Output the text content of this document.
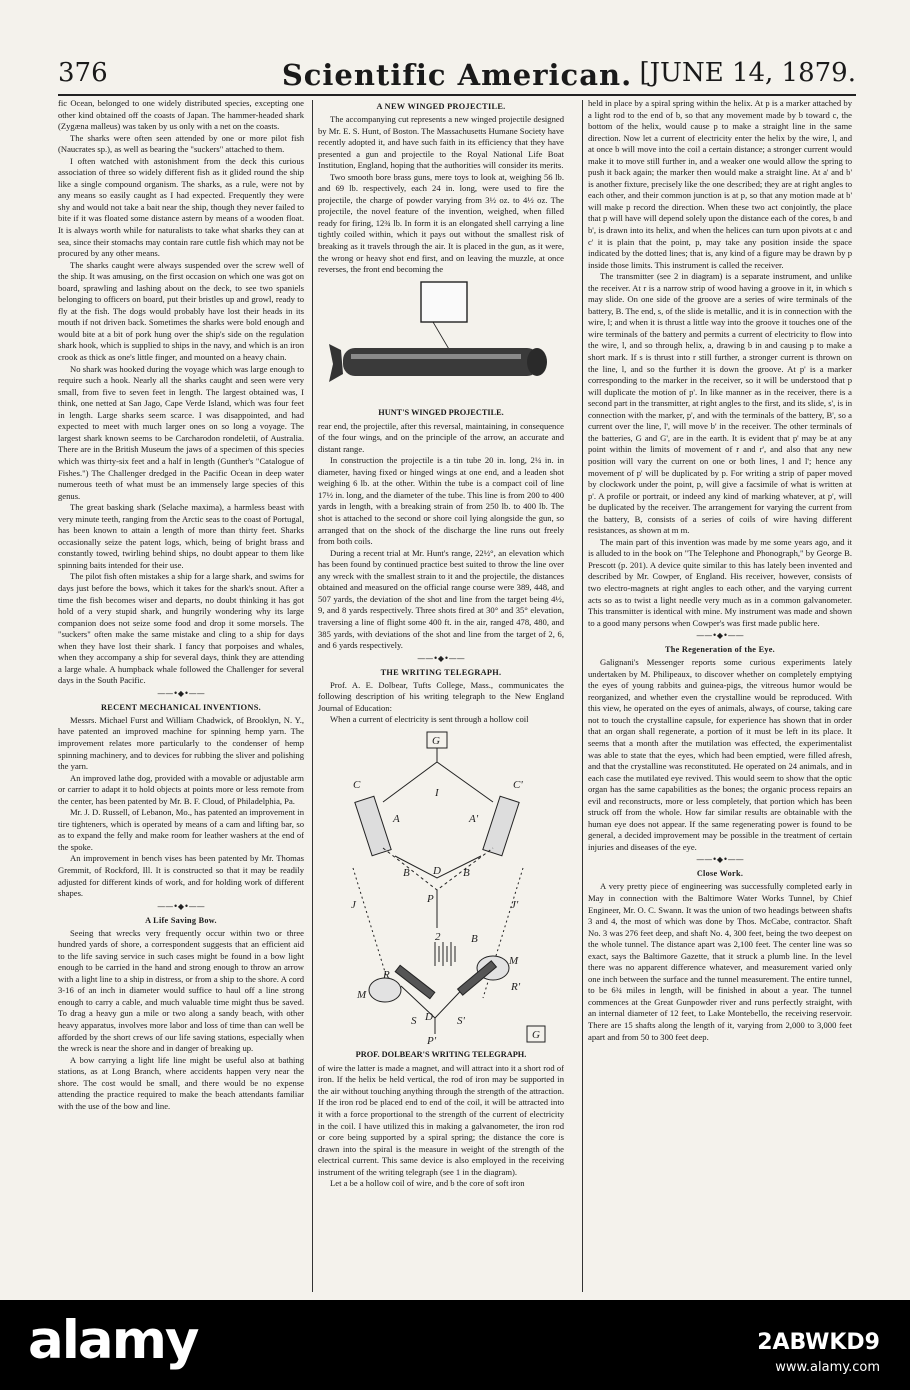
376	Scientific American. [JUNE 14, 1879.

fic Ocean, belonged to one widely distributed species, excepting one other kind obtained off the coasts of Japan. The hammer-headed shark (Zygæna malleus) was taken by us only with a net on the coasts.

The sharks were often seen attended by one or more pilot fish (Naucrates sp.), as well as bearing the "suckers" attached to them.

I often watched with astonishment from the deck this curious association of three so widely different fish as it glided round the ship like a single compound organism. The sharks, as a rule, were not by any means so easily caught as I had expected. Frequently they were shy and would not take a bait near the ship, though they never failed to bite if it was floated some distance astern by means of a wooden float. It is always worth while for naturalists to take what sharks they can at sea, since their stomachs may contain rare cuttle fish which may not be procured by any other means.

The sharks caught were always suspended over the screw well of the ship. It was amusing, on the first occasion on which one was got on board, sprawling and lashing about on the deck, to see two spaniels belonging to officers on board, put their bristles up and growl, ready to fly at the fish. The dogs would probably have lost their heads in its mouth if not driven back. Sometimes the sharks were bold enough and would bite at a bit of pork hung over the ship's side on the regulation shark hook, which is supplied to ships in the navy, and which is an iron crook as thick as one's little finger, and mounted on a heavy chain.

No shark was hooked during the voyage which was large enough to require such a hook. Nearly all the sharks caught and seen were very small, from five to seven feet in length. The largest obtained was, I think, one netted at San Jago, Cape Verde Island, which was four feet in length. Large sharks seem scarce. I was disappointed, and had expected to meet with much larger ones on so long a voyage. The largest shark known seems to be Carcharodon rondeletii, of Australia. There are in the British Museum the jaws of a specimen of this species which was thirty-six feet and a half in length (Gunther's "Catalogue of Fishes.") The Challenger dredged in the Pacific Ocean in deep water numerous teeth of what must be an immensely large species of this genus.

The great basking shark (Selache maxima), a harmless beast with very minute teeth, ranging from the Arctic seas to the coast of Portugal, has been known to attain a length of more than thirty feet. Sharks occasionally seize the patent logs, which, being of bright brass and constantly towed, twirling behind ships, no doubt appear to them like spinning baits intended for their use.

The pilot fish often mistakes a ship for a large shark, and swims for days just before the bows, which it takes for the shark's snout. After a time the fish becomes wiser and departs, no doubt thinking it has got hold of a very stupid shark, and hungrily wondering why its large companion does not seize some food and drop it some morsels. The "suckers" often make the same mistake and cling to a ship for days when they have lost their shark. I fancy that porpoises and whales, when they accompany a ship for several days, think they are attending a large whale. A humpback whale followed the Challenger for several days in the South Pacific.

——•◆•——
RECENT MECHANICAL INVENTIONS.

Messrs. Michael Furst and William Chadwick, of Brooklyn, N. Y., have patented an improved machine for spinning hemp yarn. The improvement relates more particularly to the condenser of hemp spinning machinery, and to devices for rubbing the sliver and polishing the yarn.

An improved lathe dog, provided with a movable or adjustable arm or carrier to adapt it to hold objects at points more or less remote from the center, has been patented by Mr. B. F. Cloud, of Philadelphia, Pa.

Mr. J. D. Russell, of Lebanon, Mo., has patented an improvement in tire tighteners, which is operated by means of a cam and lifting bar, so as to expand the felly and make room for leather washers at the end of the spoke.

An improvement in bench vises has been patented by Mr. Thomas Gremmit, of Rockford, Ill. It is constructed so that it may be readily adjusted for different kinds of work, and for holding work of different shapes.

——•◆•——
A Life Saving Bow.

Seeing that wrecks very frequently occur within two or three hundred yards of shore, a correspondent suggests that an efficient aid to the life saving service in such cases might be found in a bow light enough to be carried in the hand and strong enough to throw an arrow with a light line to a ship in distress, or from a ship to the shore. A cord 3-16 of an inch in diameter would suffice to haul off a line strong enough to carry a cable, and much valuable time might thus be saved. To drag a heavy gun a mile or two along a sandy beach, with other heavy apparatus, involves more labor and loss of time than can well be afforded by the short crews of our life saving stations, especially when the wreck is near the shore and in danger of breaking up.

A bow carrying a light life line might be useful also at bathing stations, as at Long Branch, where accidents happen very near the shore. The cost would be small, and there would be no expense attending the practice required to make the beach attendants familiar with the use of the bow and line.

A NEW WINGED PROJECTILE.

The accompanying cut represents a new winged projectile designed by Mr. E. S. Hunt, of Boston. The Massachusetts Humane Society have recently adopted it, and have such faith in its efficiency that they have presented a gun and projectile to the Royal National Life Boat Institution, England, hoping that the authorities will consider its merits.

Two smooth bore brass guns, mere toys to look at, weighing 56 lb. and 69 lb. respectively, each 24 in. long, were used to fire the projectile, the charge of powder varying from 3½ oz. to 4½ oz. The projectile, the novel feature of the invention, weighed, when filled ready for firing, 12¾ lb. In form it is an elongated shell carrying a line tightly coiled within, which it pays out without the smallest risk of breaking as it travels through the air. It is placed in the gun, as it were, the wrong or heavy shot end first, and on leaving the muzzle, at once reverses, the front end becoming the

HUNT'S WINGED PROJECTILE.

rear end, the projectile, after this reversal, maintaining, in consequence of the four wings, and on the principle of the arrow, an accurate and distant range.

In construction the projectile is a tin tube 20 in. long, 2¼ in. in diameter, having fixed or hinged wings at one end, and a leaden shot weighing 6 lb. at the other. Within the tube is a compact coil of line 17½ in. long, and the diameter of the tube. This line is from 200 to 400 yards in length, with a breaking strain of from 250 lb. to 400 lb. The shot is attached to the second or shore coil lying alongside the gun, so arranged that on the shock of the discharge the line runs out freely from both coils.

During a recent trial at Mr. Hunt's range, 22½°, an elevation which has been found by continued practice best suited to throw the line over any wreck with the smallest strain to it and the projectile, the distances obtained and measured on the official range course were 389, 448, and 507 yards, the deviation of the shot and line from the target being 4½, 9, and 8 yards respectively. Three shots fired at 30° and 35° elevation, traversing a line of flight some 400 ft. in the air, ranged 478, 480, and 385 yards, with deviations of the shot and line from the target of 2, 6, and 6 yards respectively.

——•◆•——
THE WRITING TELEGRAPH.

Prof. A. E. Dolbear, Tufts College, Mass., communicates the following description of his writing telegraph to the New England Journal of Education:

When a current of electricity is sent through a hollow coil

G
C	C'
I
A	A'
B D B
J	J'
P
2	B
M
R
S
M
R'
S'
D
P'	G
PROF. DOLBEAR'S WRITING TELEGRAPH.

of wire the latter is made a magnet, and will attract into it a short rod of iron. If the helix be held vertical, the rod of iron may be supported in the air without touching anything through the strength of the attraction. If the iron rod be placed end to end of the coil, it will be attracted into it with a force proportional to the strength of the current of electricity in the coil. I have utilized this in making a galvanometer, the iron rod or core being supported by a spiral spring; the distance the core is drawn into the spiral is the measure in weight of the strength of the electrical current. This same device is also employed in the receiving instrument of the writing telegraph (see 1 in the diagram).

Let a be a hollow coil of wire, and b the core of soft iron

held in place by a spiral spring within the helix. At p is a marker attached by a light rod to the end of b, so that any movement made by b toward c, the bottom of the helix, would cause p to make a straight line in the same direction. Now let a current of electricity enter the helix by the wire, l, and at once b will move into the coil a certain distance; a stronger current would make it to move still further in, and a weaker one would allow the spring to push it back again; the marker then would make a straight line. At a' and b' is another fixture, precisely like the one described; they are at right angles to each other, and their common junction is at p, so that any motion made at b' will make p record the direction. When these two act conjointly, the place that p will have will depend solely upon the distance each of the cores, b and b', is drawn into its helix, and when the helices can turn upon pivots at c and c' it is plain that the point, p, may take any position inside the space indicated by the dotted lines; that is, any kind of a figure may be drawn by p inside those limits. This instrument is called the receiver.

The transmitter (see 2 in diagram) is a separate instrument, and unlike the receiver. At r is a narrow strip of wood having a groove in it, in which s may slide. On one side of the groove are a series of wire terminals of the battery, B. The end, s, of the slide is metallic, and it is in connection with the wire, l; and when it is thrust a little way into the groove it touches one of the wire terminals of the battery and permits a current of electricity to flow into the wire, l, and so through helix, a, drawing b in and causing p to make a short mark. If s is thrust into r still further, a stronger current is thrown on the line, l, and so the further it is down the groove. At p' is a marker corresponding to the marker in the receiver, so it will be understood that p will duplicate the motion of p'. In like manner as in the receiver, there is a second part in the transmitter, at right angles to the first, and its slide, s', is in connection with the marker, p', and with the terminals of the battery, B', so a current over the line, l', will move b' in the receiver. The other terminals of the batteries, G and G', are in the earth. It is evident that p' may be at any point within the limits of movement of r and r', and also that any new position will vary the current on one or both lines, l and l'; hence any movement of p' will be duplicated by p. For writing a strip of paper moved by clockwork under the point, p, will give a facsimile of what is written at p'. A profile or portrait, or indeed any kind of marking whatever, at p', will be duplicated by the receiver. The arrangement for varying the current from the battery, B, consists of a series of coils of wire having different resistances, as shown at m m.

The main part of this invention was made by me some years ago, and it is alluded to in the book on "The Telephone and Phonograph," by George B. Prescott (p. 201). A device quite similar to this has lately been invented and described by Mr. Cowper, of England. His receiver, however, consists of two electro-magnets at right angles to each other, and the varying current acts so as to twist a light needle very much as in a common galvanometer. This transmitter is identical with mine. My instrument was made and shown to a good many persons when Cowper's was first made public here.

——•◆•——
The Regeneration of the Eye.

Galignani's Messenger reports some curious experiments lately undertaken by M. Philipeaux, to discover whether on completely emptying the eyes of young rabbits and guinea-pigs, the vitreous humor would be reorganized, and whether even the crystalline would be reproduced. With this view, he operated on the eyes of animals, always, of course, taking care not to touch the crystalline capsule, for experience has shown that in order that an organ shall regenerate, a portion of it must be left in its place. It seems that a month after the mutilation was effected, the experimentalist was able to state that the eyes, which had been emptied, were filled afresh, and that the crystalline was reconstituted. He operated on 24 animals, and in each case the mutilated eye revived. This would seem to show that the optic organ has the same capabilities as the bones; the organic process repairs an evil and reconstructs, more or less completely, that portion which has been struck off from the whole. How far similar results are obtainable with the human eye does not appear. If the same regenerating power is found to be general, a decided improvement may be possible in the treatment of certain injuries and diseases of the eye.

——•◆•——
Close Work.

A very pretty piece of engineering was successfully completed early in May in connection with the Baltimore Water Works Tunnel, by Chief Engineer, Mr. O. C. Swann. It was the union of two headings between shafts 3 and 4, the most of which was done by Thos. McCabe, contractor. Shaft No. 3 was 276 feet deep, and shaft No. 4, 300 feet, being the two deepest on the whole tunnel. The distance apart was 2,100 feet. The center line was so exact, says the Baltimore Gazette, that it struck a plumb line. In the level there was no apparent difference whatever, and measurement varied only one inch between the surface and the tunnel measurement. The entire tunnel, to be 6¾ miles in length, will be finished in about a year. The tunnel commences at the Great Gunpowder river and runs perfectly straight, with an internal diameter of 12 feet, to Lake Montebello, the receiving reservoir. There are 15 shafts along the length of it, varying from 2,000 to 3,000 feet apart and from 50 to 300 feet deep.

alamy	2ABWKD9
www.alamy.com
